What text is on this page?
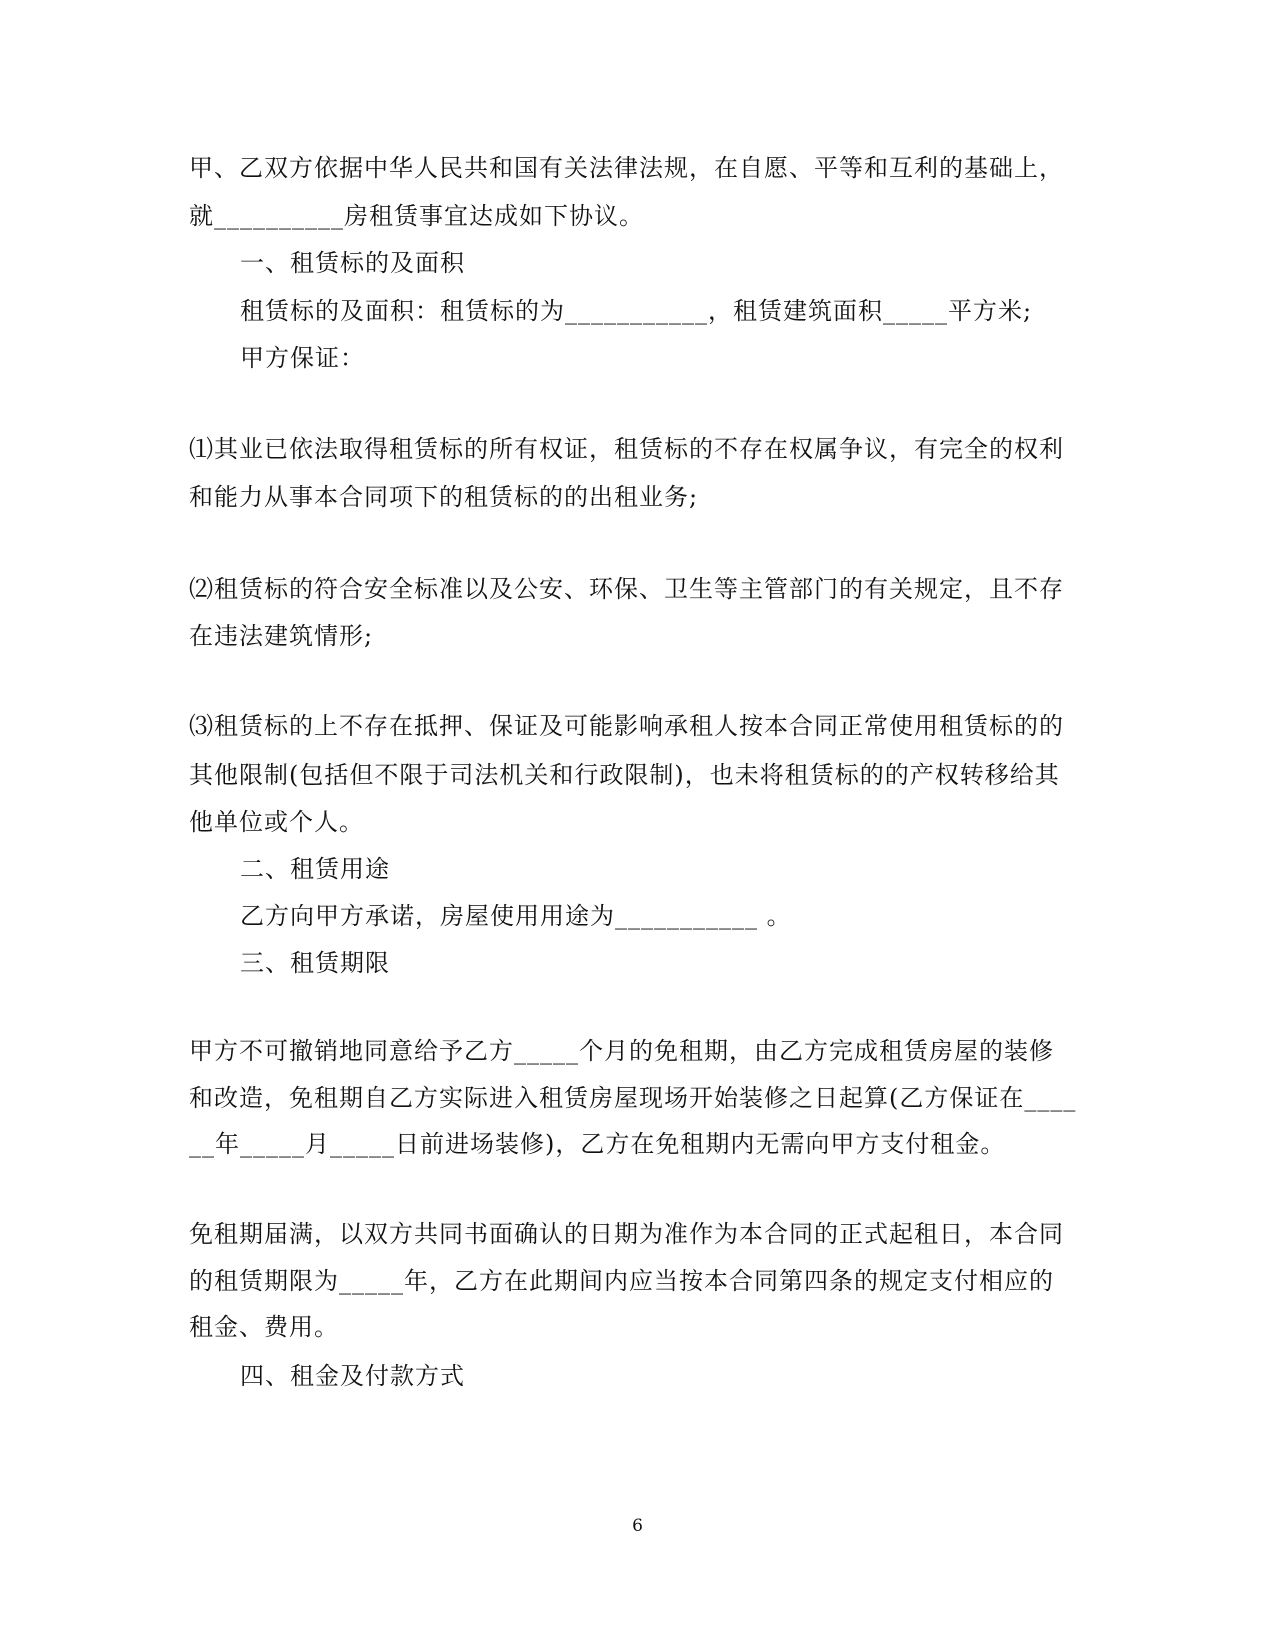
甲、乙双方依据中华人民共和国有关法律法规，在自愿、平等和互利的基础上，
就__________房租赁事宜达成如下协议。
一、租赁标的及面积
租赁标的及面积：租赁标的为___________，租赁建筑面积_____平方米;
甲方保证：
⑴其业已依法取得租赁标的所有权证，租赁标的不存在权属争议，有完全的权利
和能力从事本合同项下的租赁标的的出租业务;
⑵租赁标的符合安全标准以及公安、环保、卫生等主管部门的有关规定，且不存
在违法建筑情形;
⑶租赁标的上不存在抵押、保证及可能影响承租人按本合同正常使用租赁标的的
其他限制(包括但不限于司法机关和行政限制)，也未将租赁标的的产权转移给其
他单位或个人。
二、租赁用途
乙方向甲方承诺，房屋使用用途为___________ 。
三、租赁期限
甲方不可撤销地同意给予乙方_____个月的免租期，由乙方完成租赁房屋的装修
和改造，免租期自乙方实际进入租赁房屋现场开始装修之日起算(乙方保证在____
__年_____月_____日前进场装修)，乙方在免租期内无需向甲方支付租金。
免租期届满，以双方共同书面确认的日期为准作为本合同的正式起租日，本合同
的租赁期限为_____年，乙方在此期间内应当按本合同第四条的规定支付相应的
租金、费用。
四、租金及付款方式
6
